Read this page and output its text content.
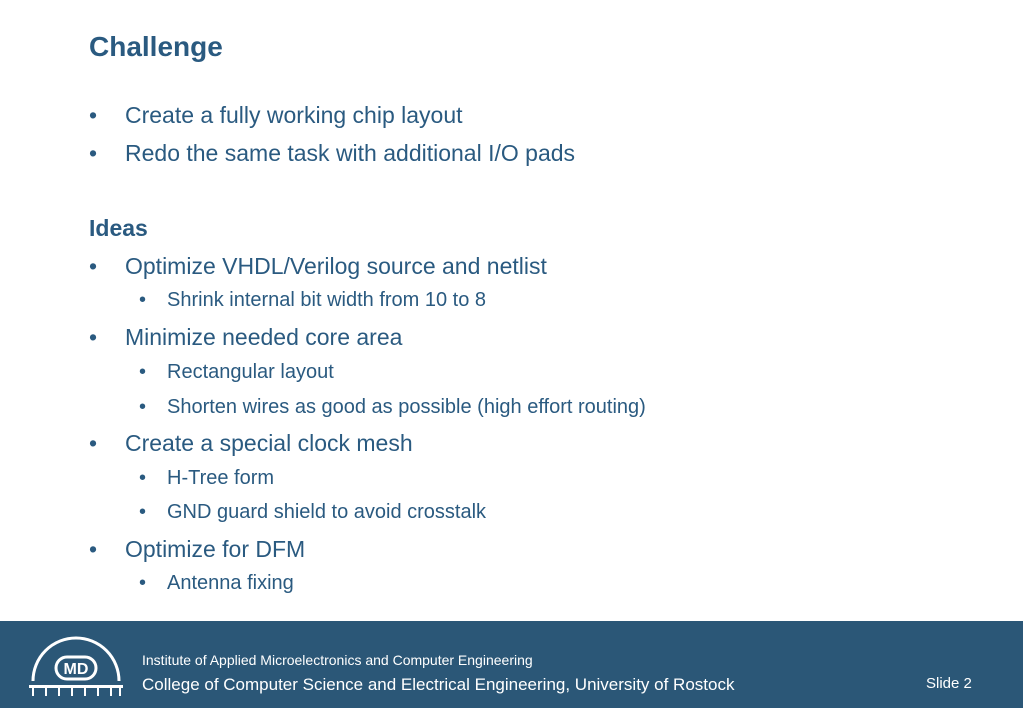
Challenge
• Create a fully working chip layout
• Redo the same task with additional I/O pads
Ideas
• Optimize VHDL/Verilog source and netlist
• Shrink internal bit width from 10 to 8
• Minimize needed core area
• Rectangular layout
• Shorten wires as good as possible (high effort routing)
• Create a special clock mesh
• H-Tree form
• GND guard shield to avoid crosstalk
• Optimize for DFM
• Antenna fixing
MD
Institute of Applied Microelectronics and Computer Engineering
College of Computer Science and Electrical Engineering, University of Rostock	Slide 2
